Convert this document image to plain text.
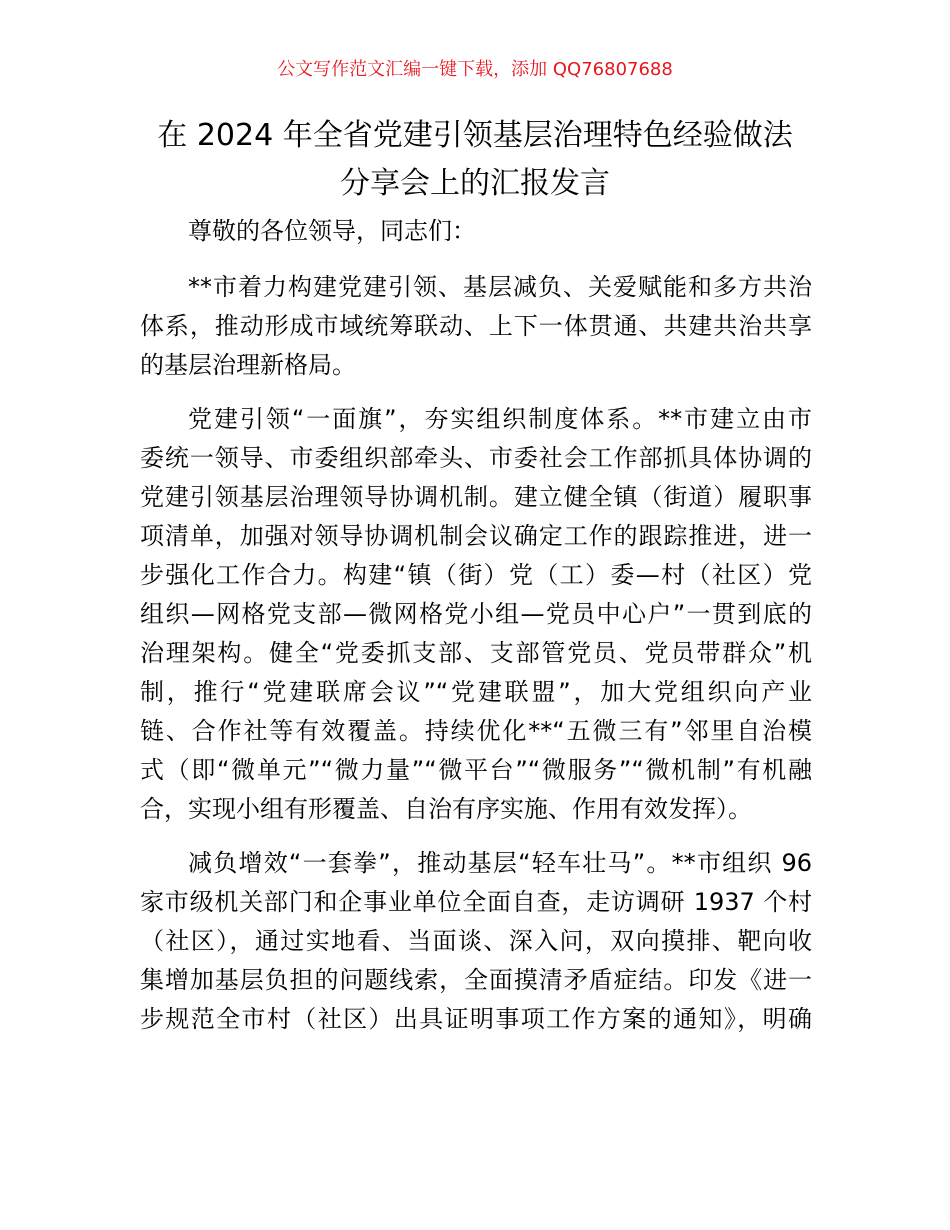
公文写作范文汇编一键下载，添加 QQ76807688
在 2024 年全省党建引领基层治理特色经验做法
分享会上的汇报发言

尊敬的各位领导，同志们：

**市着力构建党建引领、基层减负、关爱赋能和多方共治
体系，推动形成市域统筹联动、上下一体贯通、共建共治共享
的基层治理新格局。

党建引领“一面旗”，夯实组织制度体系。**市建立由市
委统一领导、市委组织部牵头、市委社会工作部抓具体协调的
党建引领基层治理领导协调机制。建立健全镇（街道）履职事
项清单，加强对领导协调机制会议确定工作的跟踪推进，进一
步强化工作合力。构建“镇（街）党（工）委—村（社区）党
组织—网格党支部—微网格党小组—党员中心户”一贯到底的
治理架构。健全“党委抓支部、支部管党员、党员带群众”机
制，推行“党建联席会议”“党建联盟”，加大党组织向产业
链、合作社等有效覆盖。持续优化**“五微三有”邻里自治模
式（即“微单元”“微力量”“微平台”“微服务”“微机制”有机融
合，实现小组有形覆盖、自治有序实施、作用有效发挥）。

减负增效“一套拳”，推动基层“轻车壮马”。**市组织 96
家市级机关部门和企事业单位全面自查，走访调研 1937 个村
（社区），通过实地看、当面谈、深入问，双向摸排、靶向收
集增加基层负担的问题线索，全面摸清矛盾症结。印发《进一
步规范全市村（社区）出具证明事项工作方案的通知》，明确
